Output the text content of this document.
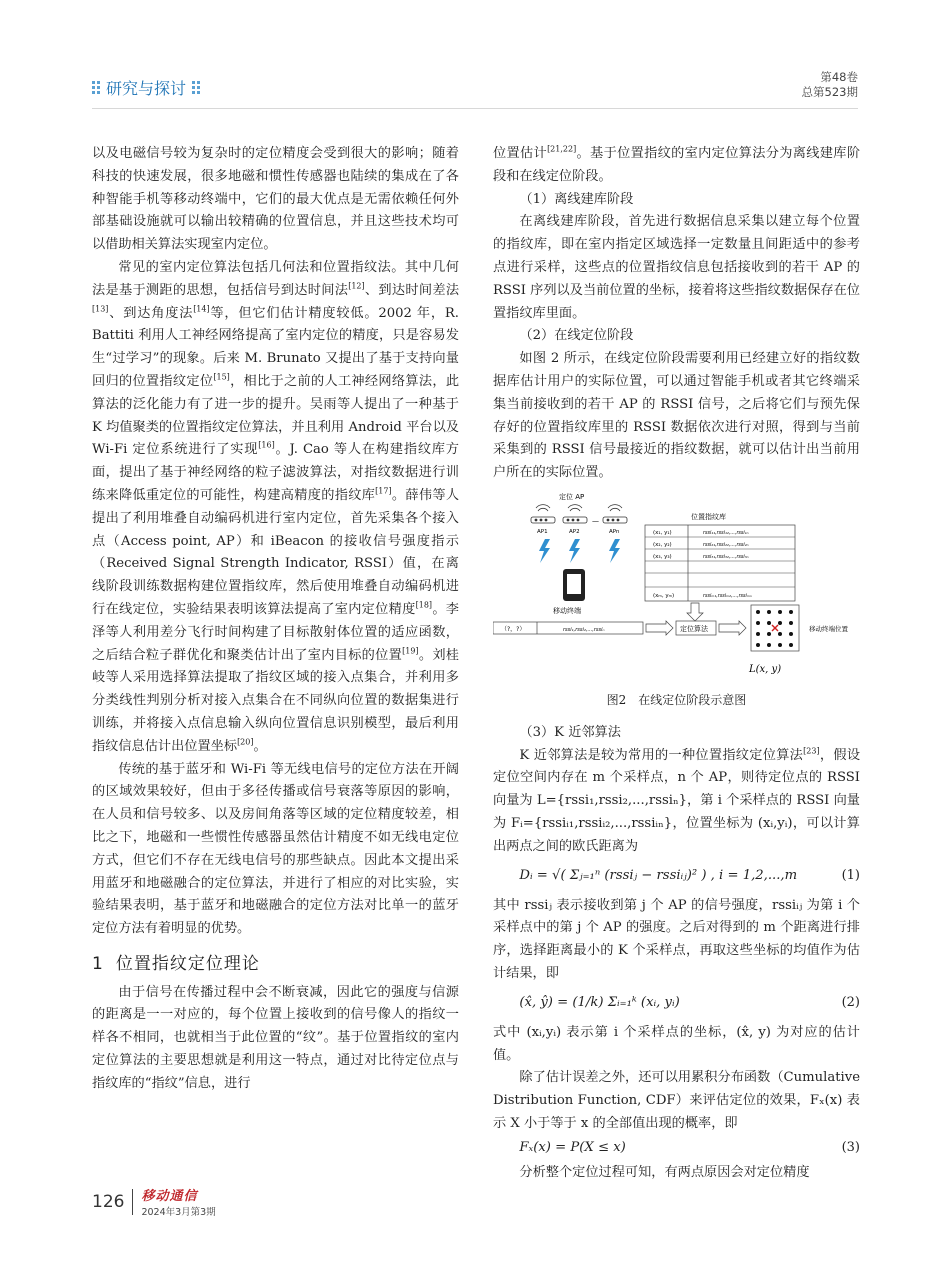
研究与探讨
第48卷
总第523期

以及电磁信号较为复杂时的定位精度会受到很大的影响；随着科技的快速发展，很多地磁和惯性传感器也陆续的集成在了各种智能手机等移动终端中，它们的最大优点是无需依赖任何外部基础设施就可以输出较精确的位置信息，并且这些技术均可以借助相关算法实现室内定位。

常见的室内定位算法包括几何法和位置指纹法。其中几何法是基于测距的思想，包括信号到达时间法[12]、到达时间差法[13]、到达角度法[14]等，但它们估计精度较低。2002 年，R. Battiti 利用人工神经网络提高了室内定位的精度，只是容易发生“过学习”的现象。后来 M. Brunato 又提出了基于支持向量回归的位置指纹定位[15]，相比于之前的人工神经网络算法，此算法的泛化能力有了进一步的提升。吴雨等人提出了一种基于 K 均值聚类的位置指纹定位算法，并且利用 Android 平台以及 Wi-Fi 定位系统进行了实现[16]。J. Cao 等人在构建指纹库方面，提出了基于神经网络的粒子滤波算法，对指纹数据进行训练来降低重定位的可能性，构建高精度的指纹库[17]。薛伟等人提出了利用堆叠自动编码机进行室内定位，首先采集各个接入点（Access point, AP）和 iBeacon 的接收信号强度指示（Received Signal Strength Indicator, RSSI）值，在离线阶段训练数据构建位置指纹库，然后使用堆叠自动编码机进行在线定位，实验结果表明该算法提高了室内定位精度[18]。李泽等人利用差分飞行时间构建了目标散射体位置的适应函数，之后结合粒子群优化和聚类估计出了室内目标的位置[19]。刘桂岐等人采用选择算法提取了指纹区域的接入点集合，并利用多分类线性判别分析对接入点集合在不同纵向位置的数据集进行训练，并将接入点信息输入纵向位置信息识别模型，最后利用指纹信息估计出位置坐标[20]。

传统的基于蓝牙和 Wi-Fi 等无线电信号的定位方法在开阔的区域效果较好，但由于多径传播或信号衰落等原因的影响，在人员和信号较多、以及房间角落等区域的定位精度较差，相比之下，地磁和一些惯性传感器虽然估计精度不如无线电定位方式，但它们不存在无线电信号的那些缺点。因此本文提出采用蓝牙和地磁融合的定位算法，并进行了相应的对比实验，实验结果表明，基于蓝牙和地磁融合的定位方法对比单一的蓝牙定位方法有着明显的优势。

1 位置指纹定位理论

由于信号在传播过程中会不断衰减，因此它的强度与信源的距离是一一对应的，每个位置上接收到的信号像人的指纹一样各不相同，也就相当于此位置的“纹”。基于位置指纹的室内定位算法的主要思想就是利用这一特点，通过对比待定位点与指纹库的“指纹”信息，进行

位置估计[21,22]。基于位置指纹的室内定位算法分为离线建库阶段和在线定位阶段。

（1）离线建库阶段

在离线建库阶段，首先进行数据信息采集以建立每个位置的指纹库，即在室内指定区域选择一定数量且间距适中的参考点进行采样，这些点的位置指纹信息包括接收到的若干 AP 的 RSSI 序列以及当前位置的坐标，接着将这些指纹数据保存在位置指纹库里面。

（2）在线定位阶段

如图 2 所示，在线定位阶段需要利用已经建立好的指纹数据库估计用户的实际位置，可以通过智能手机或者其它终端采集当前接收到的若干 AP 的 RSSI 信号，之后将它们与预先保存好的位置指纹库里的 RSSI 数据依次进行对照，得到与当前采集到的 RSSI 信号最接近的指纹数据，就可以估计出当前用户所在的实际位置。

定位 AP
AP1	AP2
—
APn
移动终端
（?，?）	rssi₁,rssi₂,...,rssiₙ	定位算法
位置指纹库
(x₁, y₁)	rssi₁₁,rssi₁₂,...,rssi₁ₙ
(x₂, y₂)	rssi₂₁,rssi₂₂,...,rssi₂ₙ
(x₃, y₃)	rssi₃₁,rssi₃₂,...,rssi₃ₙ
(xₘ, yₘ)	rssiₘ₁,rssiₘ₂,...,rssiₘₙ
移动终端位置
L(x, y)

图2　在线定位阶段示意图

（3）K 近邻算法

K 近邻算法是较为常用的一种位置指纹定位算法[23]，假设定位空间内存在 m 个采样点，n 个 AP，则待定位点的 RSSI 向量为 L={rssi₁,rssi₂,...,rssiₙ}，第 i 个采样点的 RSSI 向量为 Fᵢ={rssiᵢ₁,rssiᵢ₂,...,rssiᵢₙ}，位置坐标为 (xᵢ,yᵢ)，可以计算出两点之间的欧氏距离为

Dᵢ = √( Σⱼ₌₁ⁿ (rssiⱼ − rssiᵢⱼ)² ) , i = 1,2,...,m	(1)

其中 rssiⱼ 表示接收到第 j 个 AP 的信号强度，rssiᵢⱼ 为第 i 个采样点中的第 j 个 AP 的强度。之后对得到的 m 个距离进行排序，选择距离最小的 K 个采样点，再取这些坐标的均值作为估计结果，即

(x̂, ŷ) = (1/k) Σᵢ₌₁ᵏ (xᵢ, yᵢ)	(2)

式中 (xᵢ,yᵢ) 表示第 i 个采样点的坐标，(x̂, y) 为对应的估计值。

除了估计误差之外，还可以用累积分布函数（Cumulative Distribution Function, CDF）来评估定位的效果，Fₓ(x) 表示 X 小于等于 x 的全部值出现的概率，即

Fₓ(x) = P(X ≤ x)	(3)

分析整个定位过程可知，有两点原因会对定位精度

126 移动通信
2024年3月第3期
